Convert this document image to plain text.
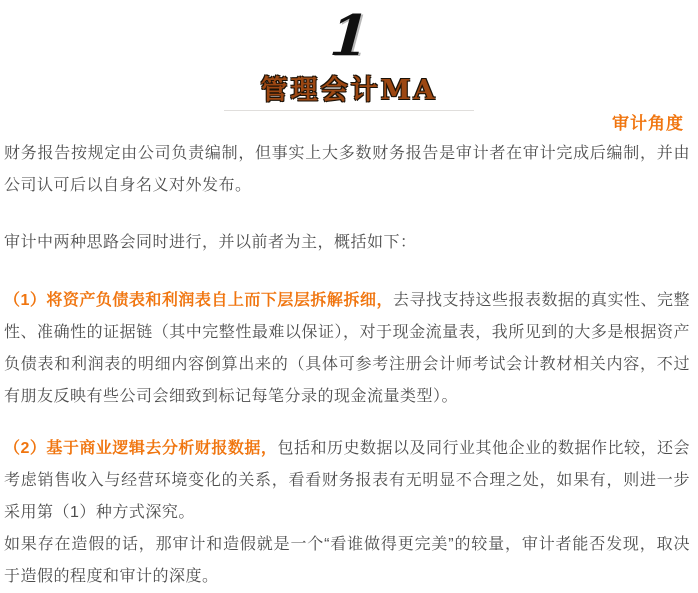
1
管理会计MA
审计角度

财务报告按规定由公司负责编制，但事实上大多数财务报告是审计者在审计完成后编制，并由公司认可后以自身名义对外发布。

审计中两种思路会同时进行，并以前者为主，概括如下：

（1）将资产负债表和利润表自上而下层层拆解拆细，去寻找支持这些报表数据的真实性、完整性、准确性的证据链（其中完整性最难以保证），对于现金流量表，我所见到的大多是根据资产负债表和利润表的明细内容倒算出来的（具体可参考注册会计师考试会计教材相关内容，不过有朋友反映有些公司会细致到标记每笔分录的现金流量类型）。

（2）基于商业逻辑去分析财报数据，包括和历史数据以及同行业其他企业的数据作比较，还会考虑销售收入与经营环境变化的关系，看看财务报表有无明显不合理之处，如果有，则进一步采用第（1）种方式深究。

如果存在造假的话，那审计和造假就是一个“看谁做得更完美”的较量，审计者能否发现，取决于造假的程度和审计的深度。
